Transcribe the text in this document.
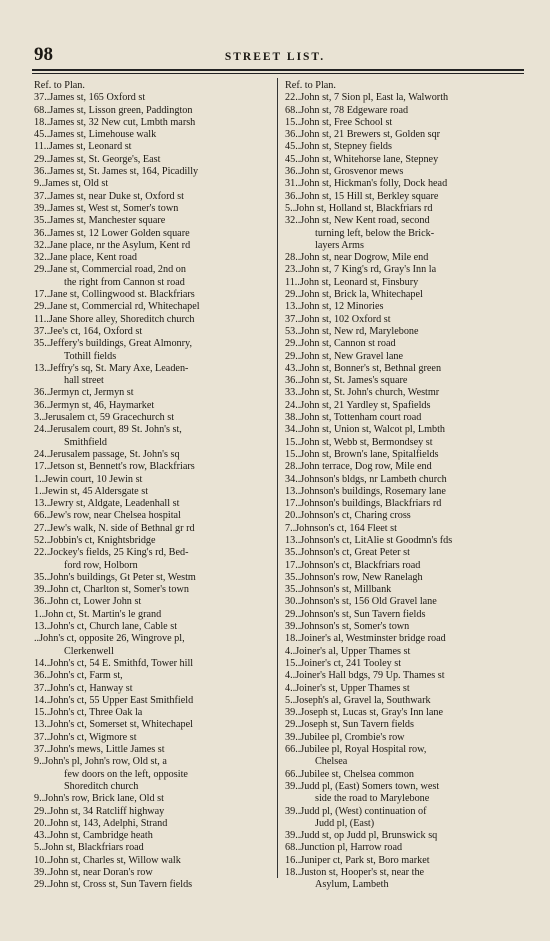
98	STREET LIST.
Ref. to Plan.
37..James st, 165 Oxford st
68..James st, Lisson green, Paddington
18..James st, 32 New cut, Lmbth marsh
45..James st, Limehouse walk
11..James st, Leonard st
29..James st, St. George's, East
36..James st, St. James st, 164, Picadilly
9..James st, Old st
37..James st, near Duke st, Oxford st
39..James st, West st, Somer's town
35..James st, Manchester square
36..James st, 12 Lower Golden square
32..Jane place, nr the Asylum, Kent rd
32..Jane place, Kent road
29..Jane st, Commercial road, 2nd on
the right from Cannon st road
17..Jane st, Collingwood st. Blackfriars
29..Jane st, Commercial rd, Whitechapel
11..Jane Shore alley, Shoreditch church
37..Jee's ct, 164, Oxford st
35..Jeffery's buildings, Great Almonry,
Tothill fields
13..Jeffry's sq, St. Mary Axe, Leaden-
hall street
36..Jermyn ct, Jermyn st
36..Jermyn st, 46, Haymarket
3..Jerusalem ct, 59 Gracechurch st
24..Jerusalem court, 89 St. John's st,
Smithfield
24..Jerusalem passage, St. John's sq
17..Jetson st, Bennett's row, Blackfriars
1..Jewin court, 10 Jewin st
1..Jewin st, 45 Aldersgate st
13..Jewry st, Aldgate, Leadenhall st
66..Jew's row, near Chelsea hospital
27..Jew's walk, N. side of Bethnal gr rd
52..Jobbin's ct, Knightsbridge
22..Jockey's fields, 25 King's rd, Bed-
ford row, Holborn
35..John's buildings, Gt Peter st, Westm
39..John ct, Charlton st, Somer's town
36..John ct, Lower John st
1..John ct, St. Martin's le grand
13..John's ct, Church lane, Cable st
..John's ct, opposite 26, Wingrove pl,
Clerkenwell
14..John's ct, 54 E. Smithfd, Tower hill
36..John's ct, Farm st,
37..John's ct, Hanway st
14..John's ct, 55 Upper East Smithfield
15..John's ct, Three Oak la
13..John's ct, Somerset st, Whitechapel
37..John's ct, Wigmore st
37..John's mews, Little James st
9..John's pl, John's row, Old st, a
few doors on the left, opposite
Shoreditch church
9..John's row, Brick lane, Old st
29..John st, 34 Ratcliff highway
20..John st, 143, Adelphi, Strand
43..John st, Cambridge heath
5..John st, Blackfriars road
10..John st, Charles st, Willow walk
39..John st, near Doran's row
29..John st, Cross st, Sun Tavern fields
Ref. to Plan.
22..John st, 7 Sion pl, East la, Walworth
68..John st, 78 Edgeware road
15..John st, Free School st
36..John st, 21 Brewers st, Golden sqr
45..John st, Stepney fields
45..John st, Whitehorse lane, Stepney
36..John st, Grosvenor mews
31..John st, Hickman's folly, Dock head
36..John st, 15 Hill st, Berkley square
5..John st, Holland st, Blackfriars rd
32..John st, New Kent road, second
turning left, below the Brick-
layers Arms
28..John st, near Dogrow, Mile end
23..John st, 7 King's rd, Gray's Inn la
11..John st, Leonard st, Finsbury
29..John st, Brick la, Whitechapel
13..John st, 12 Minories
37..John st, 102 Oxford st
53..John st, New rd, Marylebone
29..John st, Cannon st road
29..John st, New Gravel lane
43..John st, Bonner's st, Bethnal green
36..John st, St. James's square
33..John st, St. John's church, Westmr
24..John st, 21 Yardley st, Spafields
38..John st, Tottenham court road
34..John st, Union st, Walcot pl, Lmbth
15..John st, Webb st, Bermondsey st
15..John st, Brown's lane, Spitalfields
28..John terrace, Dog row, Mile end
34..Johnson's bldgs, nr Lambeth church
13..Johnson's buildings, Rosemary lane
17..Johnson's buildings, Blackfriars rd
20..Johnson's ct, Charing cross
7..Johnson's ct, 164 Fleet st
13..Johnson's ct, LitAlie st Goodmn's fds
35..Johnson's ct, Great Peter st
17..Johnson's ct, Blackfriars road
35..Johnson's row, New Ranelagh
35..Johnson's st, Millbank
30..Johnson's st, 156 Old Gravel lane
29..Johnson's st, Sun Tavern fields
39..Johnson's st, Somer's town
18..Joiner's al, Westminster bridge road
4..Joiner's al, Upper Thames st
15..Joiner's ct, 241 Tooley st
4..Joiner's Hall bdgs, 79 Up. Thames st
4..Joiner's st, Upper Thames st
5..Joseph's al, Gravel la, Southwark
39..Joseph st, Lucas st, Gray's Inn lane
29..Joseph st, Sun Tavern fields
39..Jubilee pl, Crombie's row
66..Jubilee pl, Royal Hospital row,
Chelsea
66..Jubilee st, Chelsea common
39..Judd pl, (East) Somers town, west
side the road to Marylebone
39..Judd pl, (West) continuation of
Judd pl, (East)
39..Judd st, op Judd pl, Brunswick sq
68..Junction pl, Harrow road
16..Juniper ct, Park st, Boro market
18..Juston st, Hooper's st, near the
Asylum, Lambeth
